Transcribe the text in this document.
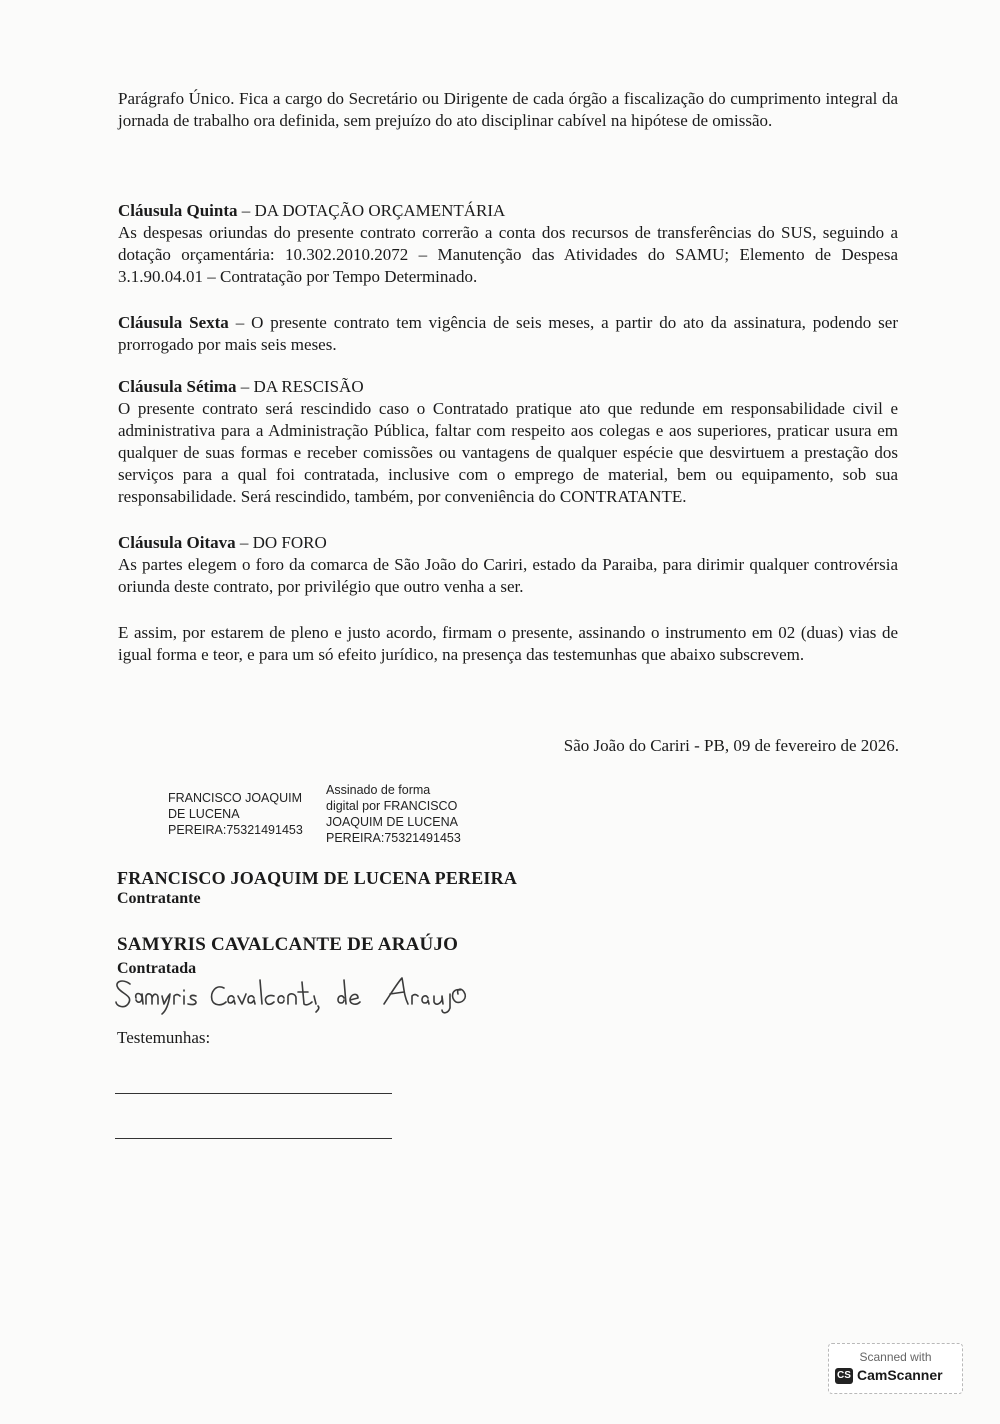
Parágrafo Único. Fica a cargo do Secretário ou Dirigente de cada órgão a fiscalização do cumprimento integral da jornada de trabalho ora definida, sem prejuízo do ato disciplinar cabível na hipótese de omissão.

Cláusula Quinta – DA DOTAÇÃO ORÇAMENTÁRIA

As despesas oriundas do presente contrato correrão a conta dos recursos de transferências do SUS, seguindo a dotação orçamentária: 10.302.2010.2072 – Manutenção das Atividades do SAMU; Elemento de Despesa 3.1.90.04.01 – Contratação por Tempo Determinado.

Cláusula Sexta – O presente contrato tem vigência de seis meses, a partir do ato da assinatura, podendo ser prorrogado por mais seis meses.

Cláusula Sétima – DA RESCISÃO

O presente contrato será rescindido caso o Contratado pratique ato que redunde em responsabilidade civil e administrativa para a Administração Pública, faltar com respeito aos colegas e aos superiores, praticar usura em qualquer de suas formas e receber comissões ou vantagens de qualquer espécie que desvirtuem a prestação dos serviços para a qual foi contratada, inclusive com o emprego de material, bem ou equipamento, sob sua responsabilidade. Será rescindido, também, por conveniência do CONTRATANTE.

Cláusula Oitava – DO FORO

As partes elegem o foro da comarca de São João do Cariri, estado da Paraiba, para dirimir qualquer controvérsia oriunda deste contrato, por privilégio que outro venha a ser.

E assim, por estarem de pleno e justo acordo, firmam o presente, assinando o instrumento em 02 (duas) vias de igual forma e teor, e para um só efeito jurídico, na presença das testemunhas que abaixo subscrevem.

São João do Cariri - PB, 09 de fevereiro de 2026.
FRANCISCO JOAQUIM
DE LUCENA
PEREIRA:75321491453
Assinado de forma
digital por FRANCISCO
JOAQUIM DE LUCENA
PEREIRA:75321491453
FRANCISCO JOAQUIM DE LUCENA PEREIRA
Contratante
SAMYRIS CAVALCANTE DE ARAÚJO
Contratada
Testemunhas:
Scanned with
CS CamScanner
